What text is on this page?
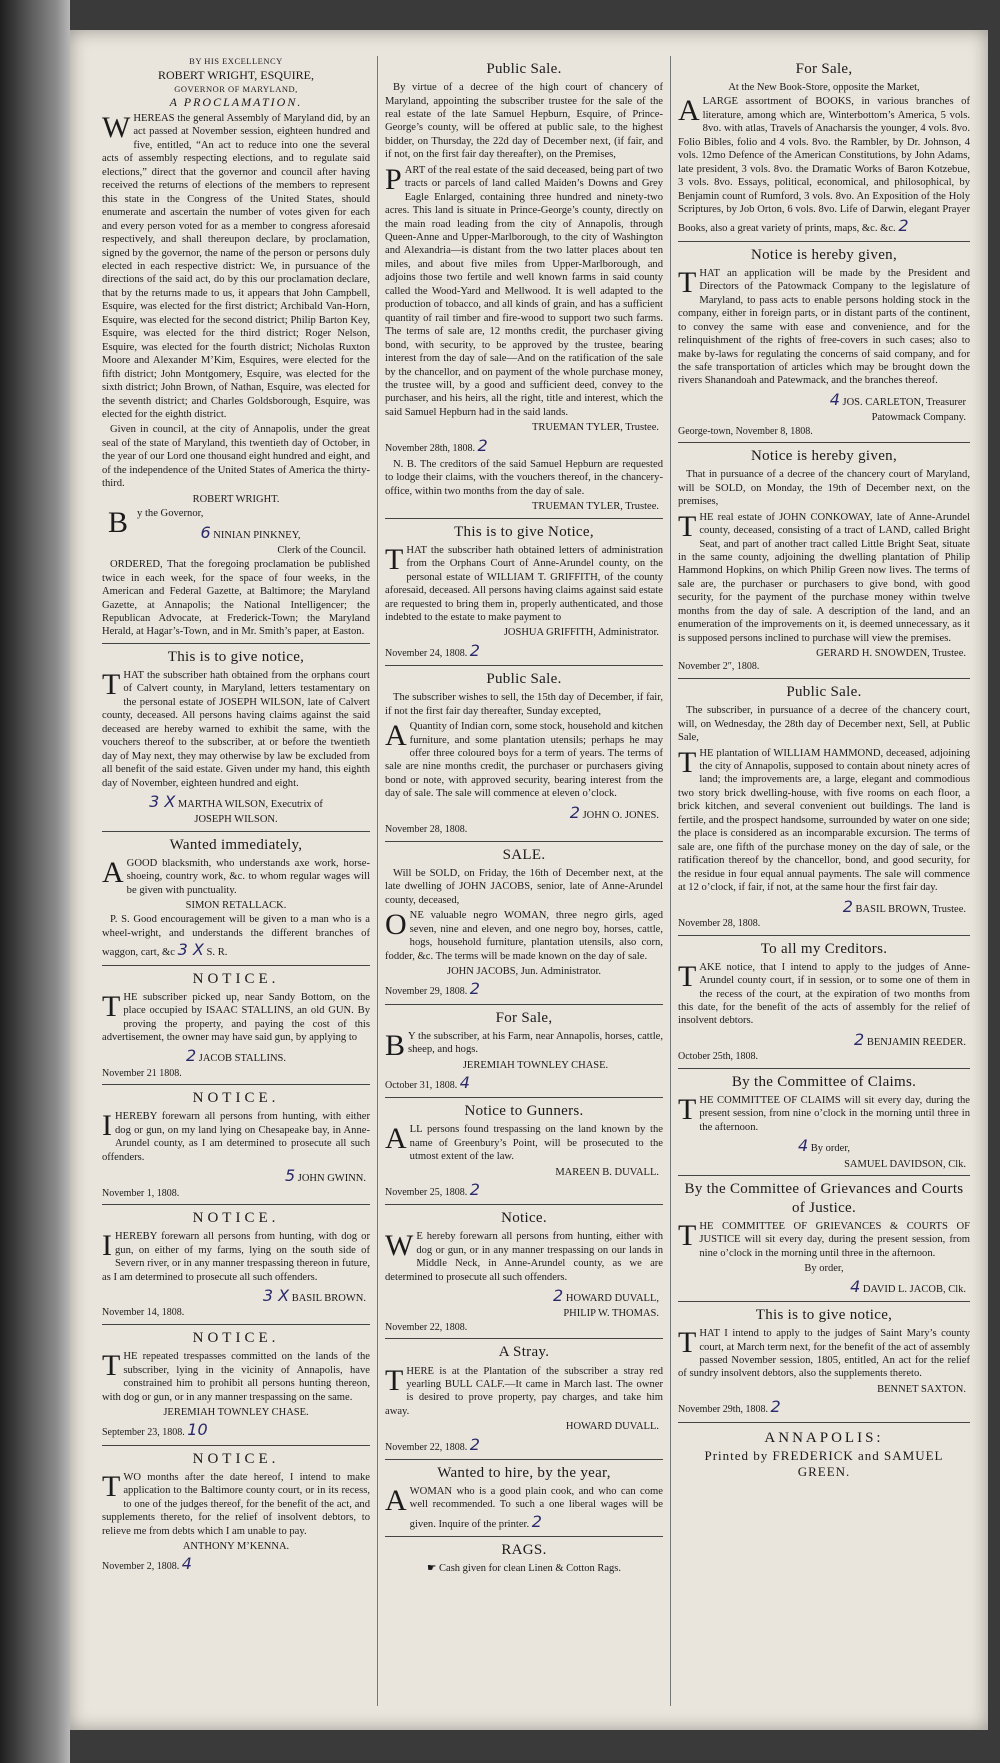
BY HIS EXCELLENCY
ROBERT WRIGHT, ESQUIRE,
GOVERNOR OF MARYLAND,
A PROCLAMATION.

WHEREAS the general Assembly of Maryland did, by an act passed at November session, eighteen hundred and five, entitled, “An act to reduce into one the several acts of assembly respecting elections, and to regulate said elections,” direct that the governor and council after having received the returns of elections of the members to represent this state in the Congress of the United States, should enumerate and ascertain the number of votes given for each and every person voted for as a member to congress aforesaid respectively, and shall thereupon declare, by proclamation, signed by the governor, the name of the person or persons duly elected in each respective district: We, in pursuance of the directions of the said act, do by this our proclamation declare, that by the returns made to us, it appears that John Campbell, Esquire, was elected for the first district; Archibald Van-Horn, Esquire, was elected for the second district; Philip Barton Key, Esquire, was elected for the third district; Roger Nelson, Esquire, was elected for the fourth district; Nicholas Ruxton Moore and Alexander M’Kim, Esquires, were elected for the fifth district; John Montgomery, Esquire, was elected for the sixth district; John Brown, of Nathan, Esquire, was elected for the seventh district; and Charles Goldsborough, Esquire, was elected for the eighth district.

Given in council, at the city of Annapolis, under the great seal of the state of Maryland, this twentieth day of October, in the year of our Lord one thousand eight hundred and eight, and of the independence of the United States of America the thirty-third.

ROBERT WRIGHT.

By the Governor,

6 NINIAN PINKNEY,
Clerk of the Council.

ORDERED, That the foregoing proclamation be published twice in each week, for the space of four weeks, in the American and Federal Gazette, at Baltimore; the Maryland Gazette, at Annapolis; the National Intelligencer; the Republican Advocate, at Frederick-Town; the Maryland Herald, at Hagar’s-Town, and in Mr. Smith’s paper, at Easton.

This is to give notice,

THAT the subscriber hath obtained from the orphans court of Calvert county, in Maryland, letters testamentary on the personal estate of JOSEPH WILSON, late of Calvert county, deceased. All persons having claims against the said deceased are hereby warned to exhibit the same, with the vouchers thereof to the subscriber, at or before the twentieth day of May next, they may otherwise by law be excluded from all benefit of the said estate. Given under my hand, this eighth day of November, eighteen hundred and eight.

3 X MARTHA WILSON, Executrix of
JOSEPH WILSON.
Wanted immediately,

AGOOD blacksmith, who understands axe work, horse-shoeing, country work, &c. to whom regular wages will be given with punctuality.

SIMON RETALLACK.

P. S. Good encouragement will be given to a man who is a wheel-wright, and understands the different branches of waggon, cart, &c 3 X S. R.

NOTICE.

THE subscriber picked up, near Sandy Bottom, on the place occupied by ISAAC STALLINS, an old GUN. By proving the property, and paying the cost of this advertisement, the owner may have said gun, by applying to

2 JACOB STALLINS.
November 21 1808.
NOTICE.

IHEREBY forewarn all persons from hunting, with either dog or gun, on my land lying on Chesapeake bay, in Anne-Arundel county, as I am determined to prosecute all such offenders.

5 JOHN GWINN.
November 1, 1808.
NOTICE.

IHEREBY forewarn all persons from hunting, with dog or gun, on either of my farms, lying on the south side of Severn river, or in any manner trespassing thereon in future, as I am determined to prosecute all such offenders.

3 X BASIL BROWN.
November 14, 1808.
NOTICE.

THE repeated trespasses committed on the lands of the subscriber, lying in the vicinity of Annapolis, have constrained him to prohibit all persons hunting thereon, with dog or gun, or in any manner trespassing on the same.

JEREMIAH TOWNLEY CHASE.
September 23, 1808. 10
NOTICE.

TWO months after the date hereof, I intend to make application to the Baltimore county court, or in its recess, to one of the judges thereof, for the benefit of the act, and supplements thereto, for the relief of insolvent debtors, to relieve me from debts which I am unable to pay.

ANTHONY M’KENNA.
November 2, 1808. 4
Public Sale.

By virtue of a decree of the high court of chancery of Maryland, appointing the subscriber trustee for the sale of the real estate of the late Samuel Hepburn, Esquire, of Prince-George’s county, will be offered at public sale, to the highest bidder, on Thursday, the 22d day of December next, (if fair, and if not, on the first fair day thereafter), on the Premises,

PART of the real estate of the said deceased, being part of two tracts or parcels of land called Maiden’s Downs and Grey Eagle Enlarged, containing three hundred and ninety-two acres. This land is situate in Prince-George’s county, directly on the main road leading from the city of Annapolis, through Queen-Anne and Upper-Marlborough, to the city of Washington and Alexandria—is distant from the two latter places about ten miles, and about five miles from Upper-Marlborough, and adjoins those two fertile and well known farms in said county called the Wood-Yard and Mellwood. It is well adapted to the production of tobacco, and all kinds of grain, and has a sufficient quantity of rail timber and fire-wood to support two such farms. The terms of sale are, 12 months credit, the purchaser giving bond, with security, to be approved by the trustee, bearing interest from the day of sale—And on the ratification of the sale by the chancellor, and on payment of the whole purchase money, the trustee will, by a good and sufficient deed, convey to the purchaser, and his heirs, all the right, title and interest, which the said Samuel Hepburn had in the said lands.

TRUEMAN TYLER, Trustee.
November 28th, 1808. 2

N. B. The creditors of the said Samuel Hepburn are requested to lodge their claims, with the vouchers thereof, in the chancery-office, within two months from the day of sale.

TRUEMAN TYLER, Trustee.
This is to give Notice,

THAT the subscriber hath obtained letters of administration from the Orphans Court of Anne-Arundel county, on the personal estate of WILLIAM T. GRIFFITH, of the county aforesaid, deceased. All persons having claims against said estate are requested to bring them in, properly authenticated, and those indebted to the estate to make payment to

JOSHUA GRIFFITH, Administrator.
November 24, 1808. 2
Public Sale.

The subscriber wishes to sell, the 15th day of December, if fair, if not the first fair day thereafter, Sunday excepted,

AQuantity of Indian corn, some stock, household and kitchen furniture, and some plantation utensils; perhaps he may offer three coloured boys for a term of years. The terms of sale are nine months credit, the purchaser or purchasers giving bond or note, with approved security, bearing interest from the day of sale. The sale will commence at eleven o’clock.

2 JOHN O. JONES.
November 28, 1808.
SALE.

Will be SOLD, on Friday, the 16th of December next, at the late dwelling of JOHN JACOBS, senior, late of Anne-Arundel county, deceased,

ONE valuable negro WOMAN, three negro girls, aged seven, nine and eleven, and one negro boy, horses, cattle, hogs, household furniture, plantation utensils, also corn, fodder, &c. The terms will be made known on the day of sale.

JOHN JACOBS, Jun. Administrator.
November 29, 1808. 2
For Sale,

BY the subscriber, at his Farm, near Annapolis, horses, cattle, sheep, and hogs.

JEREMIAH TOWNLEY CHASE.
October 31, 1808. 4
Notice to Gunners.

ALL persons found trespassing on the land known by the name of Greenbury’s Point, will be prosecuted to the utmost extent of the law.

MAREEN B. DUVALL.
November 25, 1808. 2
Notice.

WE hereby forewarn all persons from hunting, either with dog or gun, or in any manner trespassing on our lands in Middle Neck, in Anne-Arundel county, as we are determined to prosecute all such offenders.

2 HOWARD DUVALL,
PHILIP W. THOMAS.
November 22, 1808.
A Stray.

THERE is at the Plantation of the subscriber a stray red yearling BULL CALF.—It came in March last. The owner is desired to prove property, pay charges, and take him away.

HOWARD DUVALL.
November 22, 1808. 2
Wanted to hire, by the year,

AWOMAN who is a good plain cook, and who can come well recommended. To such a one liberal wages will be given. Inquire of the printer. 2

RAGS.
☛ Cash given for clean Linen & Cotton Rags.
For Sale,
At the New Book-Store, opposite the Market,

ALARGE assortment of BOOKS, in various branches of literature, among which are, Winterbottom’s America, 5 vols. 8vo. with atlas, Travels of Anacharsis the younger, 4 vols. 8vo. Folio Bibles, folio and 4 vols. 8vo. the Rambler, by Dr. Johnson, 4 vols. 12mo Defence of the American Constitutions, by John Adams, late president, 3 vols. 8vo. the Dramatic Works of Baron Kotzebue, 3 vols. 8vo. Essays, political, economical, and philosophical, by Benjamin count of Rumford, 3 vols. 8vo. An Exposition of the Holy Scriptures, by Job Orton, 6 vols. 8vo. Life of Darwin, elegant Prayer Books, also a great variety of prints, maps, &c. &c. 2

Notice is hereby given,

THAT an application will be made by the President and Directors of the Patowmack Company to the legislature of Maryland, to pass acts to enable persons holding stock in the company, either in foreign parts, or in distant parts of the continent, to convey the same with ease and convenience, and for the relinquishment of the rights of free-covers in such cases; also to make by-laws for regulating the concerns of said company, and for the safe transportation of articles which may be brought down the rivers Shanandoah and Patewmack, and the branches thereof.

4 JOS. CARLETON, Treasurer
Patowmack Company.
George-town, November 8, 1808.
Notice is hereby given,

That in pursuance of a decree of the chancery court of Maryland, will be SOLD, on Monday, the 19th of December next, on the premises,

THE real estate of JOHN CONKOWAY, late of Anne-Arundel county, deceased, consisting of a tract of LAND, called Bright Seat, and part of another tract called Little Bright Seat, situate in the same county, adjoining the dwelling plantation of Philip Hammond Hopkins, on which Philip Green now lives. The terms of sale are, the purchaser or purchasers to give bond, with good security, for the payment of the purchase money within twelve months from the day of sale. A description of the land, and an enumeration of the improvements on it, is deemed unnecessary, as it is supposed persons inclined to purchase will view the premises.

GERARD H. SNOWDEN, Trustee.
November 2″, 1808.
Public Sale.

The subscriber, in pursuance of a decree of the chancery court, will, on Wednesday, the 28th day of December next, Sell, at Public Sale,

THE plantation of WILLIAM HAMMOND, deceased, adjoining the city of Annapolis, supposed to contain about ninety acres of land; the improvements are, a large, elegant and commodious two story brick dwelling-house, with five rooms on each floor, a brick kitchen, and several convenient out buildings. The land is fertile, and the prospect handsome, surrounded by water on one side; the place is considered as an incomparable excursion. The terms of sale are, one fifth of the purchase money on the day of sale, or the ratification thereof by the chancellor, bond, and good security, for the residue in four equal annual payments. The sale will commence at 12 o’clock, if fair, if not, at the same hour the first fair day.

2 BASIL BROWN, Trustee.
November 28, 1808.
To all my Creditors.

TAKE notice, that I intend to apply to the judges of Anne-Arundel county court, if in session, or to some one of them in the recess of the court, at the expiration of two months from this date, for the benefit of the acts of assembly for the relief of insolvent debtors.

2 BENJAMIN REEDER.
October 25th, 1808.
By the Committee of Claims.

THE COMMITTEE OF CLAIMS will sit every day, during the present session, from nine o’clock in the morning until three in the afternoon.

4 By order,
SAMUEL DAVIDSON, Clk.
By the Committee of Grievances and Courts of Justice.

THE COMMITTEE OF GRIEVANCES & COURTS OF JUSTICE will sit every day, during the present session, from nine o’clock in the morning until three in the afternoon.

By order,
4 DAVID L. JACOB, Clk.
This is to give notice,

THAT I intend to apply to the judges of Saint Mary’s county court, at March term next, for the benefit of the act of assembly passed November session, 1805, entitled, An act for the relief of sundry insolvent debtors, also the supplements thereto.

BENNET SAXTON.
November 29th, 1808. 2
ANNAPOLIS:
Printed by FREDERICK and SAMUEL
GREEN.
